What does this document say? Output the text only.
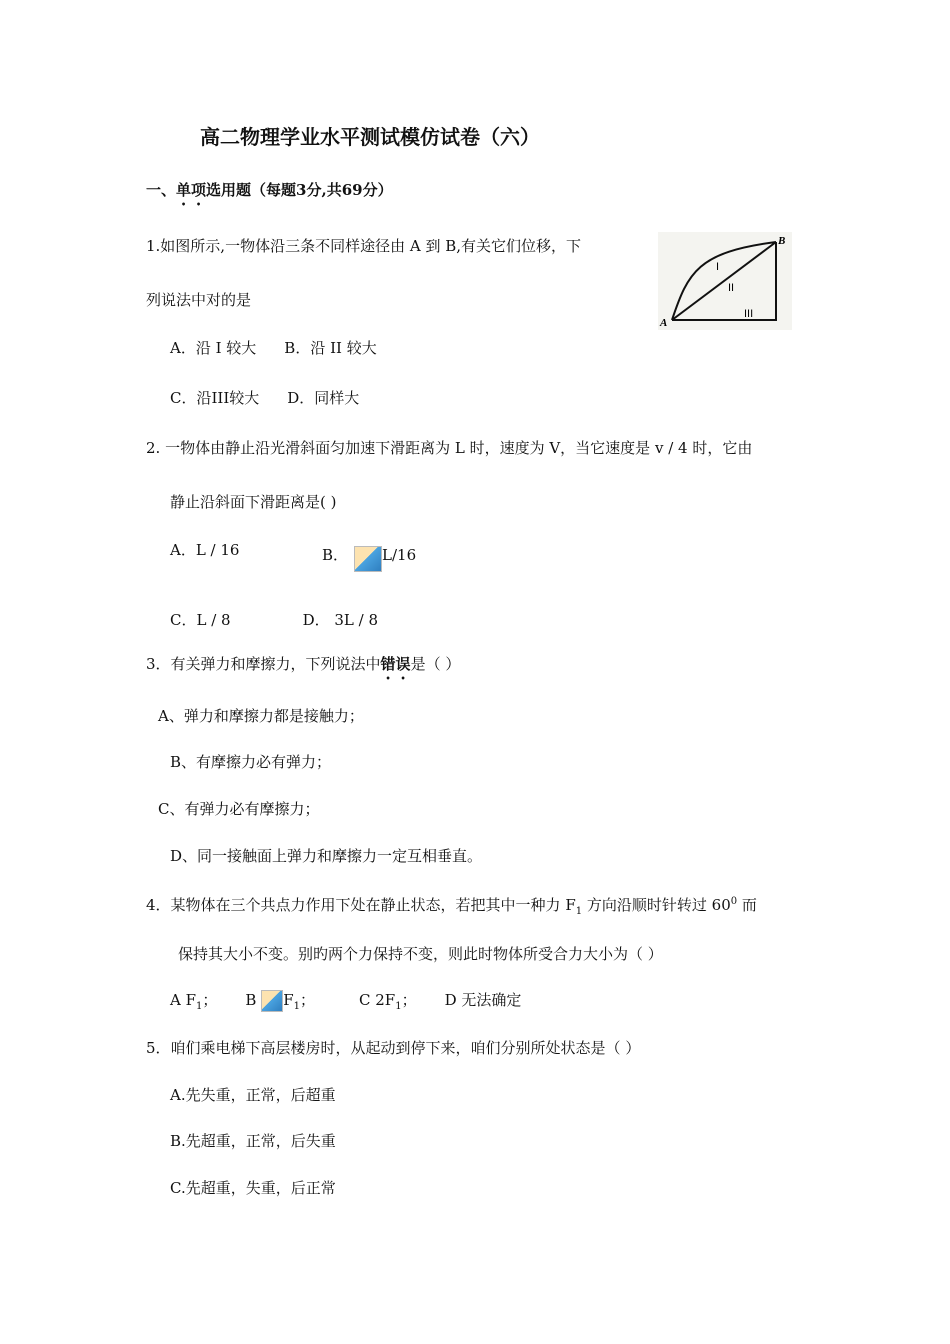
高二物理学业水平测试模仿试卷（六）
一、单项选用题（每题3分,共69分）
1.如图所示,一物体沿三条不同样途径由 A 到 B,有关它们位移，下
列说法中对的是
A．沿 I 较大 B．沿 II 较大
C．沿III较大 D．同样大
A
B
I
II
III
2. 一物体由静止沿光滑斜面匀加速下滑距离为 L 时，速度为 V，当它速度是 v / 4 时，它由
静止沿斜面下滑距离是( )
A．L / 16	B． L/16
C．L / 8	D． 3L / 8
3．有关弹力和摩擦力，下列说法中错误是（ ）
A、弹力和摩擦力都是接触力；
B、有摩擦力必有弹力；
C、有弹力必有摩擦力；
D、同一接触面上弹力和摩擦力一定互相垂直。
4．某物体在三个共点力作用下处在静止状态，若把其中一种力 $F_1$ 方向沿顺时针转过 $60^0$ 而
保持其大小不变。别旳两个力保持不变，则此时物体所受合力大小为（ ）
A $F_1$； B $F_1$；	C $2F_1$； D 无法确定
5．咱们乘电梯下高层楼房时，从起动到停下来，咱们分别所处状态是（ ）
A.先失重，正常，后超重
B.先超重，正常，后失重
C.先超重，失重，后正常
